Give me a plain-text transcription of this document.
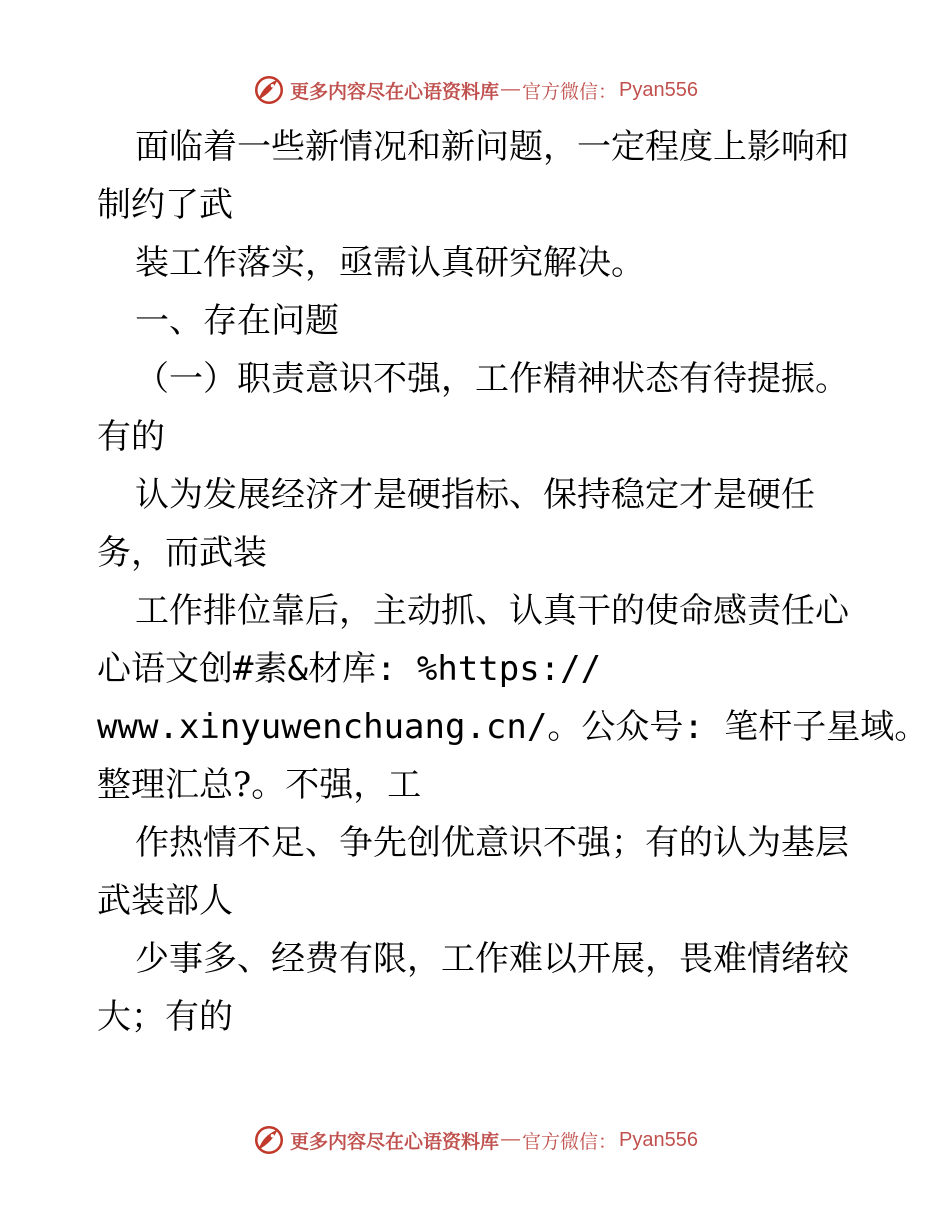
更多内容尽在心语资料库 — 官方微信： Pyan556
面临着一些新情况和新问题，一定程度上影响和
制约了武
装工作落实，亟需认真研究解决。
一、存在问题
（一）职责意识不强，工作精神状态有待提振。
有的
认为发展经济才是硬指标、保持稳定才是硬任
务，而武装
工作排位靠后，主动抓、认真干的使命感责任心
心语文创#素&材库: %https://
www.xinyuwenchuang.cn/。公众号: 笔杆子星域。
整理汇总?。不强，工
作热情不足、争先创优意识不强；有的认为基层
武装部人
少事多、经费有限，工作难以开展，畏难情绪较
大；有的
更多内容尽在心语资料库 — 官方微信： Pyan556
